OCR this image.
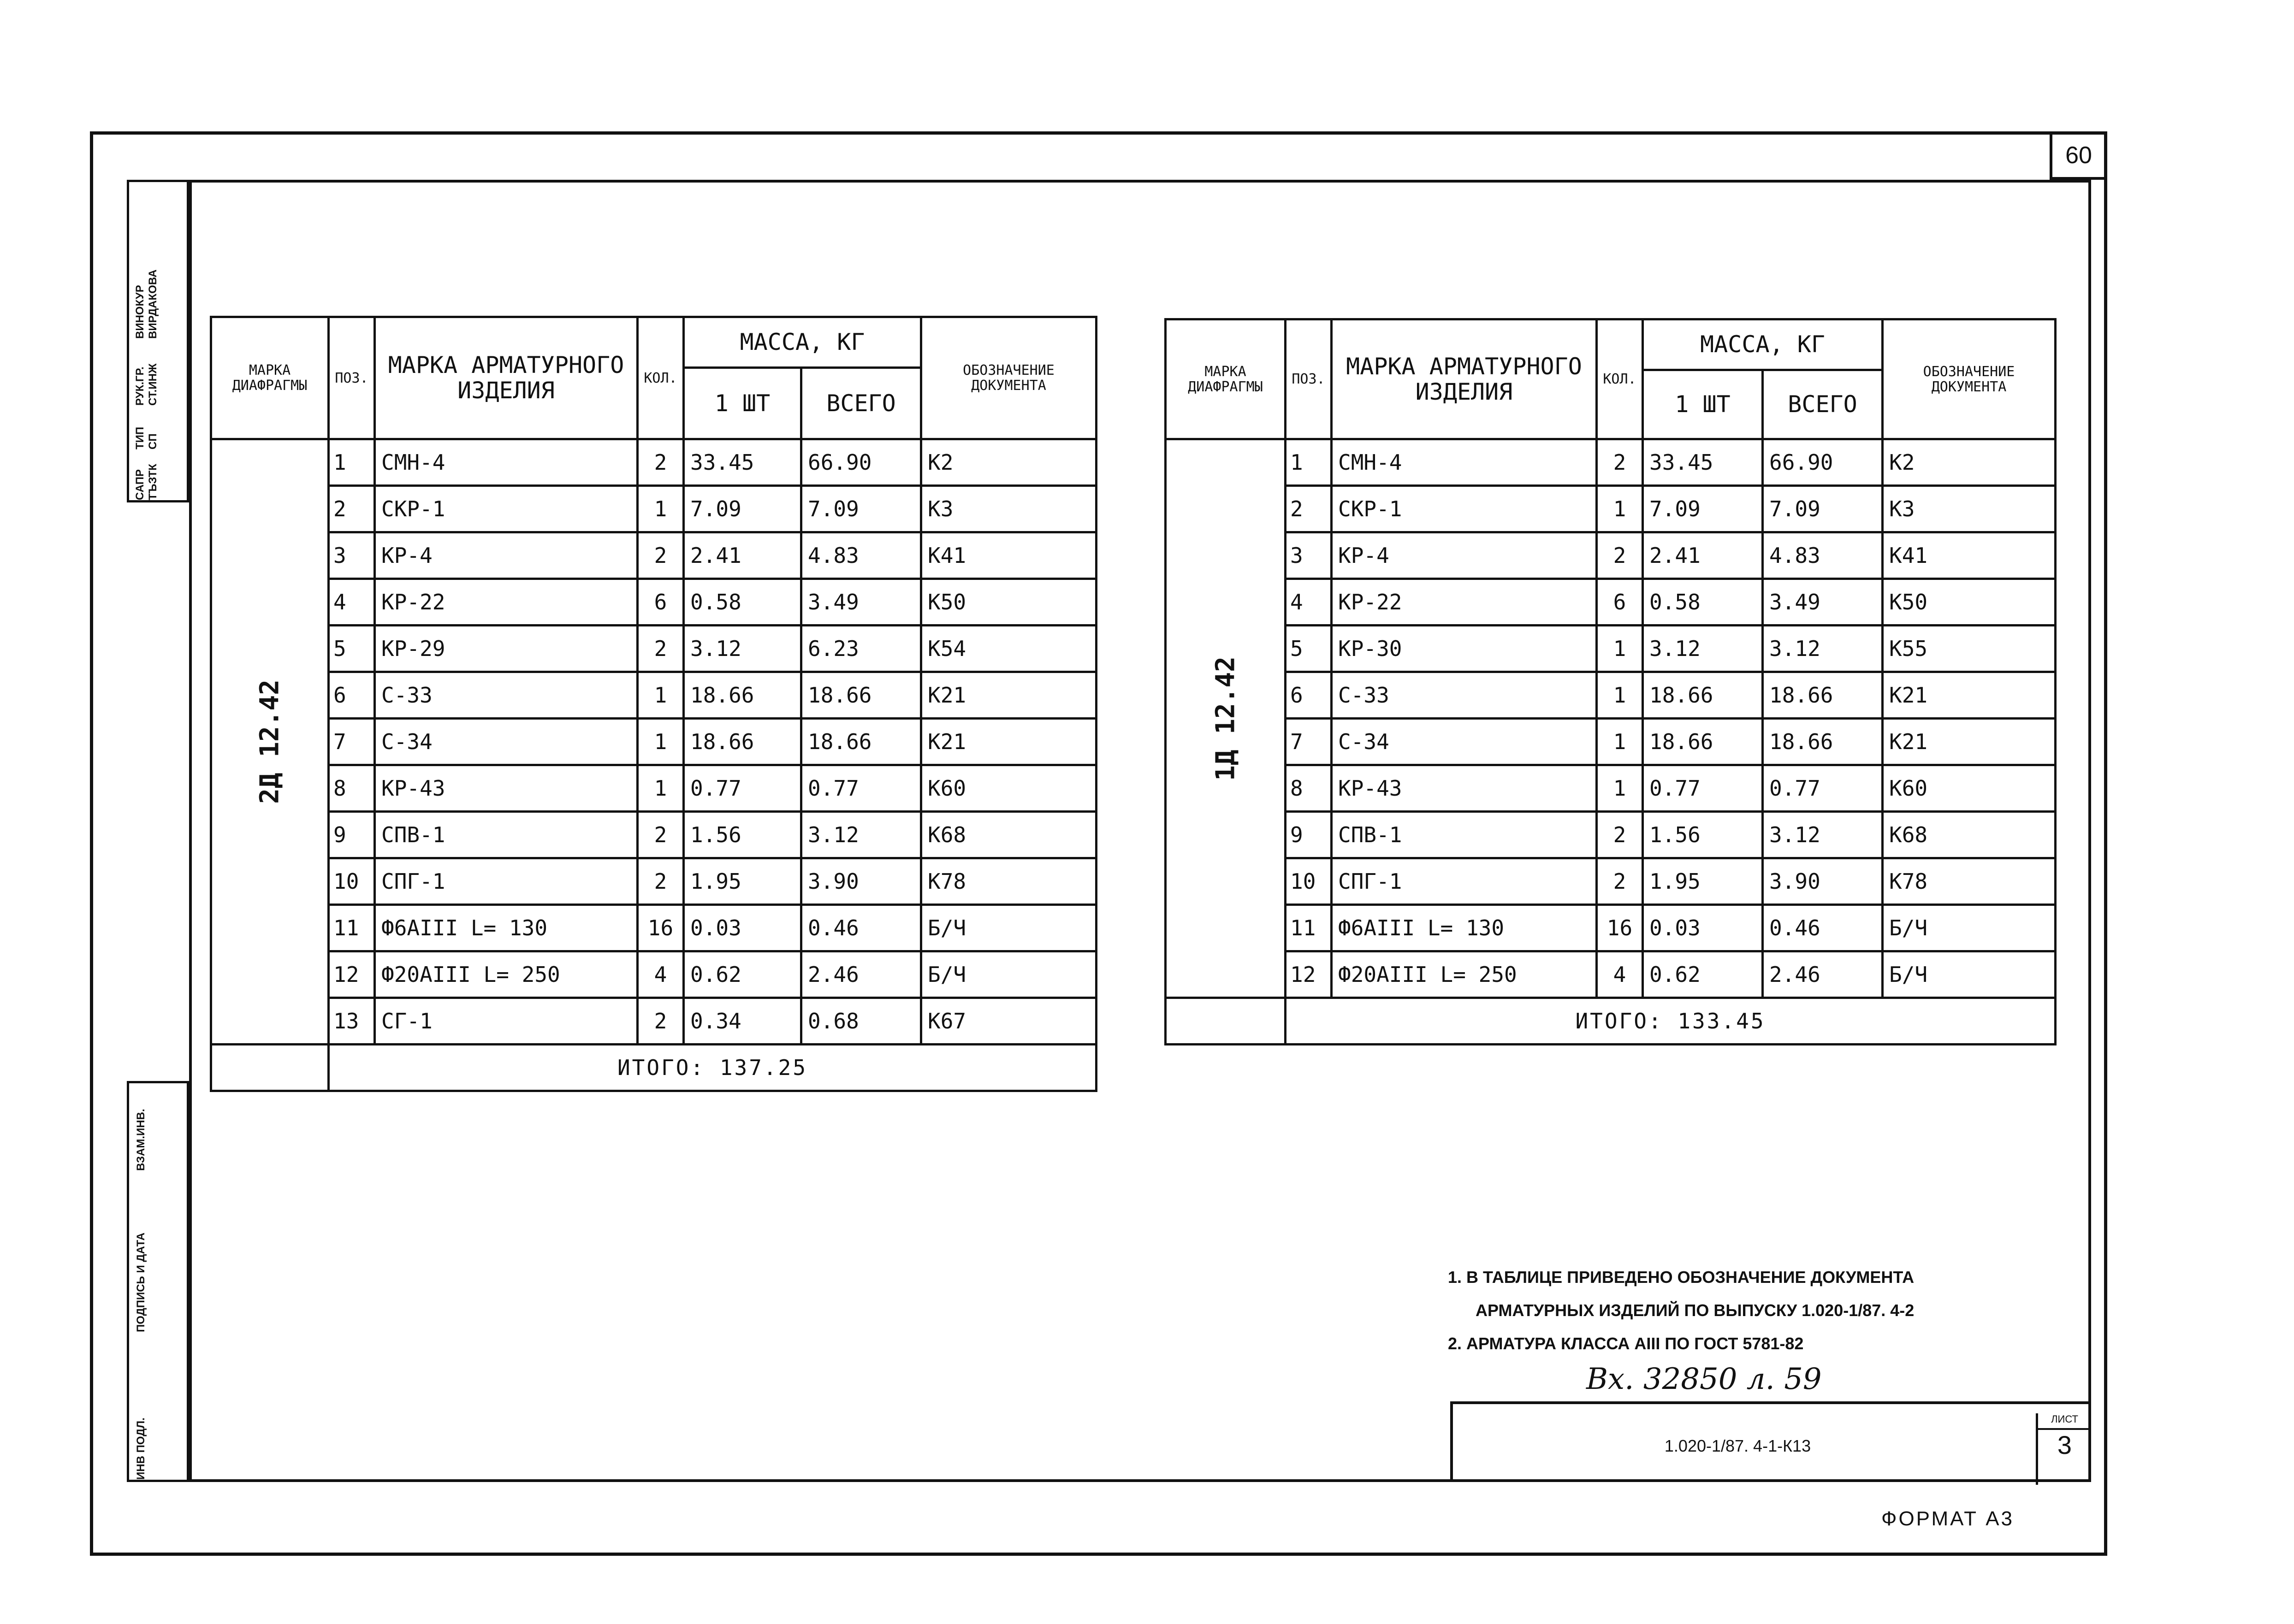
60
САПР ТЪЗТК
ТИП СП
РУК.ГР. СТ.ИНЖ
ВИНОКУР ВИРДАКОВА
ИНВ ПОДЛ.
ПОДПИСЬ И ДАТА
ВЗАМ.ИНВ.
МАРКА ДИАФРАГМЫ	ПОЗ.	МАРКА АРМАТУРНОГО ИЗДЕЛИЯ	КОЛ.	МАССА, КГ		ОБОЗНАЧЕНИЕ ДОКУМЕНТА
				1 ШТ	ВСЕГО	

2Д 12.42	1	СМН-4	2	33.45	66.90	К2
	2	СКР-1	1	7.09	7.09	К3
	3	КР-4	2	2.41	4.83	К41
	4	КР-22	6	0.58	3.49	К50
	5	КР-29	2	3.12	6.23	К54
	6	С-33	1	18.66	18.66	К21
	7	С-34	1	18.66	18.66	К21
	8	КР-43	1	0.77	0.77	К60
	9	СПВ-1	2	1.56	3.12	К68
	10	СПГ-1	2	1.95	3.90	К78
	11	Ф6АIII L= 130	16	0.03	0.46	Б/Ч
	12	Ф20АIII L= 250	4	0.62	2.46	Б/Ч
	13	СГ-1	2	0.34	0.68	К67
	ИТОГО: 137.25					
МАРКА ДИАФРАГМЫ	ПОЗ.	МАРКА АРМАТУРНОГО ИЗДЕЛИЯ	КОЛ.	МАССА, КГ		ОБОЗНАЧЕНИЕ ДОКУМЕНТА
				1 ШТ	ВСЕГО	

1Д 12.42	1	СМН-4	2	33.45	66.90	К2
	2	СКР-1	1	7.09	7.09	К3
	3	КР-4	2	2.41	4.83	К41
	4	КР-22	6	0.58	3.49	К50
	5	КР-30	1	3.12	3.12	К55
	6	С-33	1	18.66	18.66	К21
	7	С-34	1	18.66	18.66	К21
	8	КР-43	1	0.77	0.77	К60
	9	СПВ-1	2	1.56	3.12	К68
	10	СПГ-1	2	1.95	3.90	К78
	11	Ф6АIII L= 130	16	0.03	0.46	Б/Ч
	12	Ф20АIII L= 250	4	0.62	2.46	Б/Ч
	ИТОГО: 133.45					
1. В ТАБЛИЦЕ ПРИВЕДЕНО ОБОЗНАЧЕНИЕ ДОКУМЕНТА
АРМАТУРНЫХ ИЗДЕЛИЙ ПО ВЫПУСКУ 1.020-1/87. 4-2
2. АРМАТУРА КЛАССА АIII ПО ГОСТ 5781-82
Вх. 32850 л. 59
1.020-1/87. 4-1-К13
ЛИСТ
3
ФОРМАТ А3
